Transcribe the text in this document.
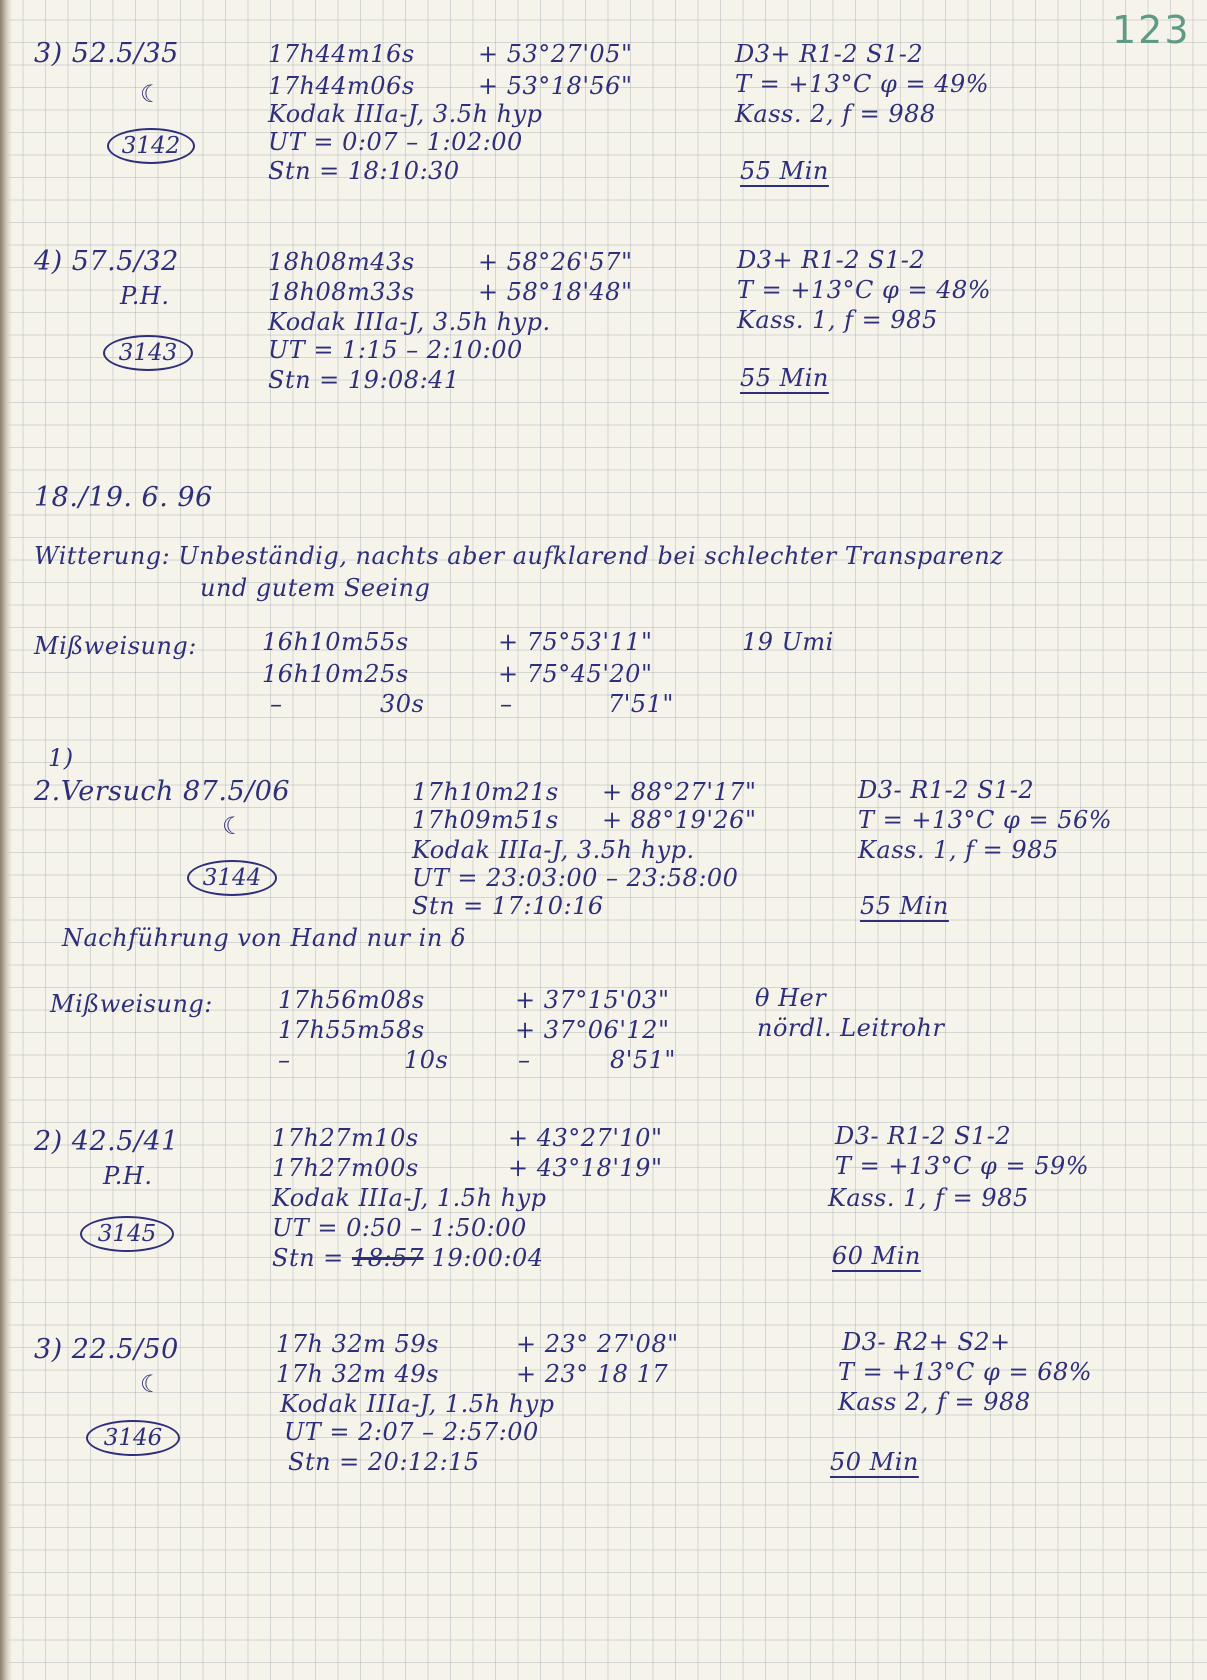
123
3) 52.5/35
☾
3142
17h44m16s	+ 53°27'05"
17h44m06s	+ 53°18'56"
Kodak IIIa-J, 3.5h hyp
UT = 0:07 – 1:02:00
Stn = 18:10:30
D3+ R1-2 S1-2
T = +13°C φ = 49%
Kass. 2, f = 988
55 Min
4) 57.5/32
P.H.
3143
18h08m43s	+ 58°26'57"
18h08m33s	+ 58°18'48"
Kodak IIIa-J, 3.5h hyp.
UT = 1:15 – 2:10:00
Stn = 19:08:41
D3+ R1-2 S1-2
T = +13°C φ = 48%
Kass. 1, f = 985
55 Min
18./19. 6. 96
Witterung: Unbeständig, nachts aber aufklarend bei schlechter Transparenz
und gutem Seeing
Mißweisung:	16h10m55s	+ 75°53'11"	19 Umi
16h10m25s	+ 75°45'20"
–	30s	–	7'51"
1)
2.Versuch 87.5/06
☾
3144
17h10m21s + 88°27'17"
17h09m51s + 88°19'26"
Kodak IIIa-J, 3.5h hyp.
UT = 23:03:00 – 23:58:00
Stn = 17:10:16
D3- R1-2 S1-2
T = +13°C φ = 56%
Kass. 1, f = 985
55 Min
Nachführung von Hand nur in δ
Mißweisung:	17h56m08s	+ 37°15'03"	θ Her
17h55m58s	+ 37°06'12"	nördl. Leitrohr
–	10s	–	8'51"
2) 42.5/41
P.H.
3145
17h27m10s	+ 43°27'10"
17h27m00s	+ 43°18'19"
Kodak IIIa-J, 1.5h hyp
UT = 0:50 – 1:50:00
Stn = 18:57 19:00:04
D3- R1-2 S1-2
T = +13°C φ = 59%
Kass. 1, f = 985
60 Min
3) 22.5/50
☾
3146
17h 32m 59s	+ 23° 27'08"
17h 32m 49s	+ 23° 18 17
Kodak IIIa-J, 1.5h hyp
UT = 2:07 – 2:57:00
Stn = 20:12:15
D3- R2+ S2+
T = +13°C φ = 68%
Kass 2, f = 988
50 Min
